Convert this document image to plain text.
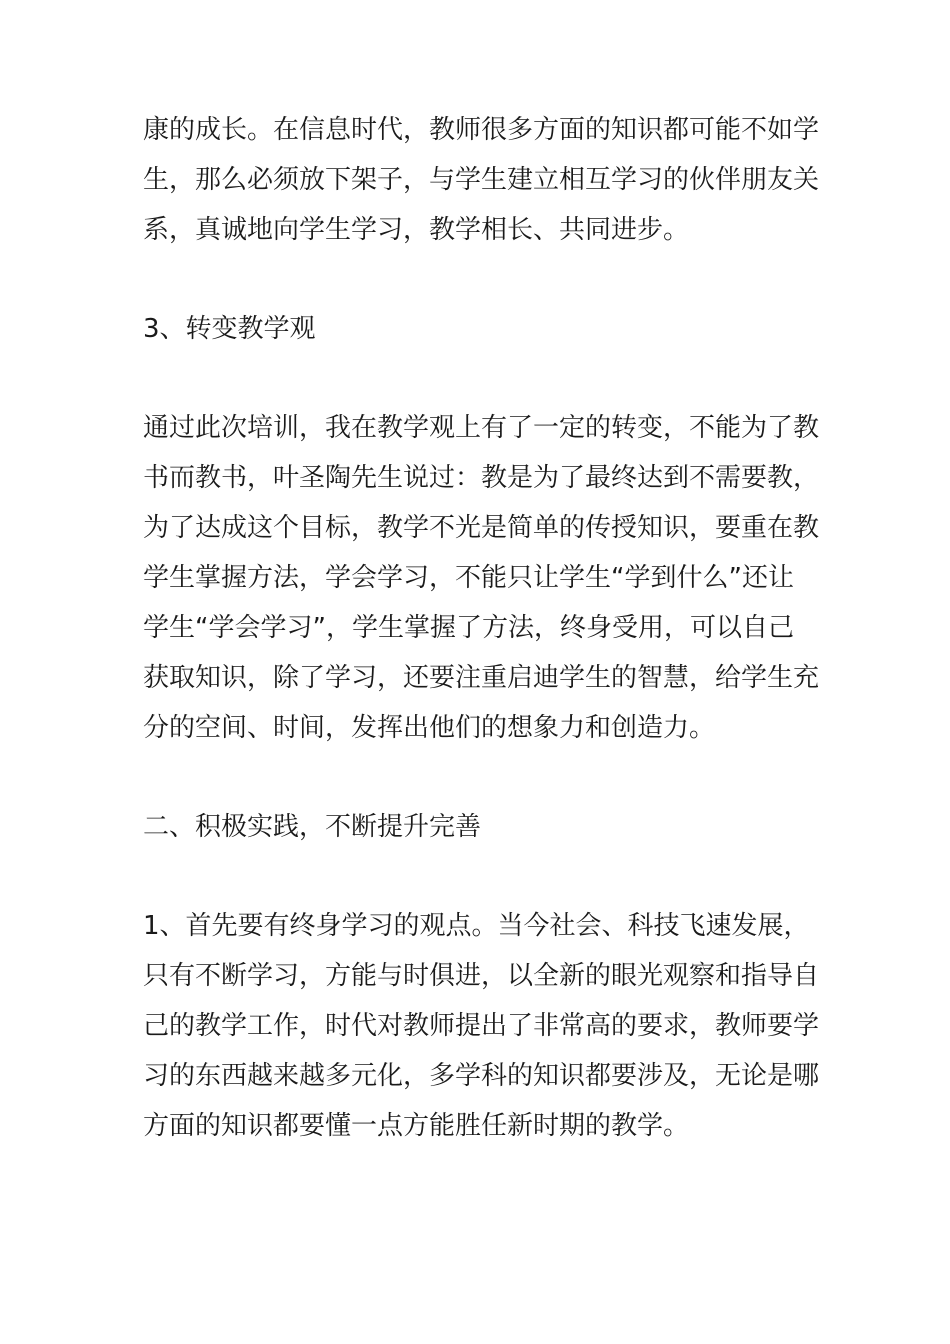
康的成长。在信息时代，教师很多方面的知识都可能不如学
生，那么必须放下架子，与学生建立相互学习的伙伴朋友关
系，真诚地向学生学习，教学相长、共同进步。
3、转变教学观
通过此次培训，我在教学观上有了一定的转变，不能为了教
书而教书，叶圣陶先生说过：教是为了最终达到不需要教，
为了达成这个目标，教学不光是简单的传授知识，要重在教
学生掌握方法，学会学习，不能只让学生“学到什么”还让
学生“学会学习”，学生掌握了方法，终身受用，可以自己
获取知识，除了学习，还要注重启迪学生的智慧，给学生充
分的空间、时间，发挥出他们的想象力和创造力。
二、积极实践，不断提升完善
1、首先要有终身学习的观点。当今社会、科技飞速发展，
只有不断学习，方能与时俱进，以全新的眼光观察和指导自
己的教学工作，时代对教师提出了非常高的要求，教师要学
习的东西越来越多元化，多学科的知识都要涉及，无论是哪
方面的知识都要懂一点方能胜任新时期的教学。
